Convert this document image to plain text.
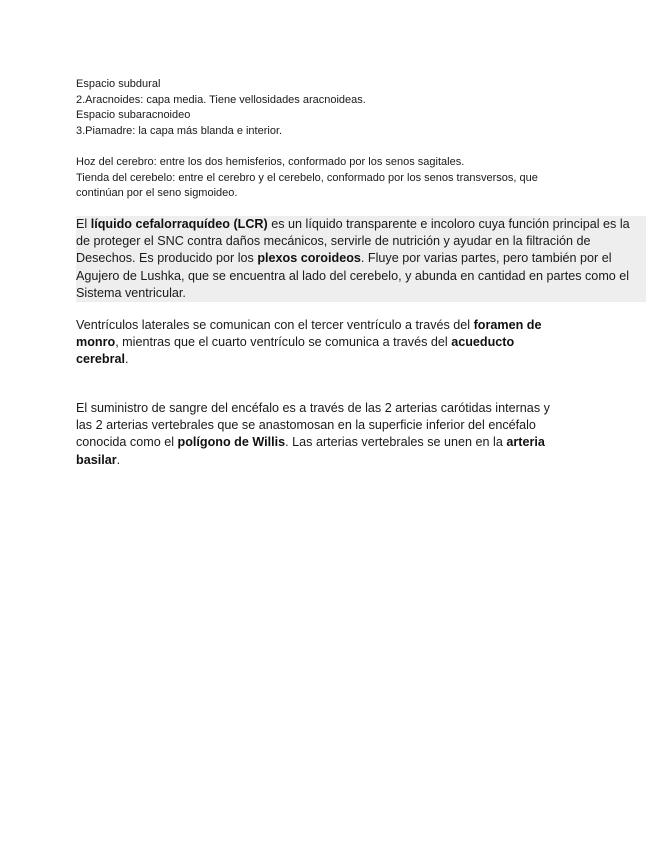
Espacio subdural
2.Aracnoides: capa media. Tiene vellosidades aracnoideas.
Espacio subaracnoideo
3.Piamadre: la capa más blanda e interior.
Hoz del cerebro: entre los dos hemisferios, conformado por los senos sagitales.
Tienda del cerebelo: entre el cerebro y el cerebelo, conformado por los senos transversos, que
continúan por el seno sigmoideo.
El líquido cefalorraquídeo (LCR) es un líquido transparente e incoloro cuya función principal es la
de proteger el SNC contra daños mecánicos, servirle de nutrición y ayudar en la filtración de
Desechos. Es producido por los plexos coroideos. Fluye por varias partes, pero también por el
Agujero de Lushka, que se encuentra al lado del cerebelo, y abunda en cantidad en partes como el
Sistema ventricular.
Ventrículos laterales se comunican con el tercer ventrículo a través del foramen de
monro, mientras que el cuarto ventrículo se comunica a través del acueducto
cerebral.
El suministro de sangre del encéfalo es a través de las 2 arterias carótidas internas y
las 2 arterias vertebrales que se anastomosan en la superficie inferior del encéfalo
conocida como el polígono de Willis. Las arterias vertebrales se unen en la arteria
basilar.
